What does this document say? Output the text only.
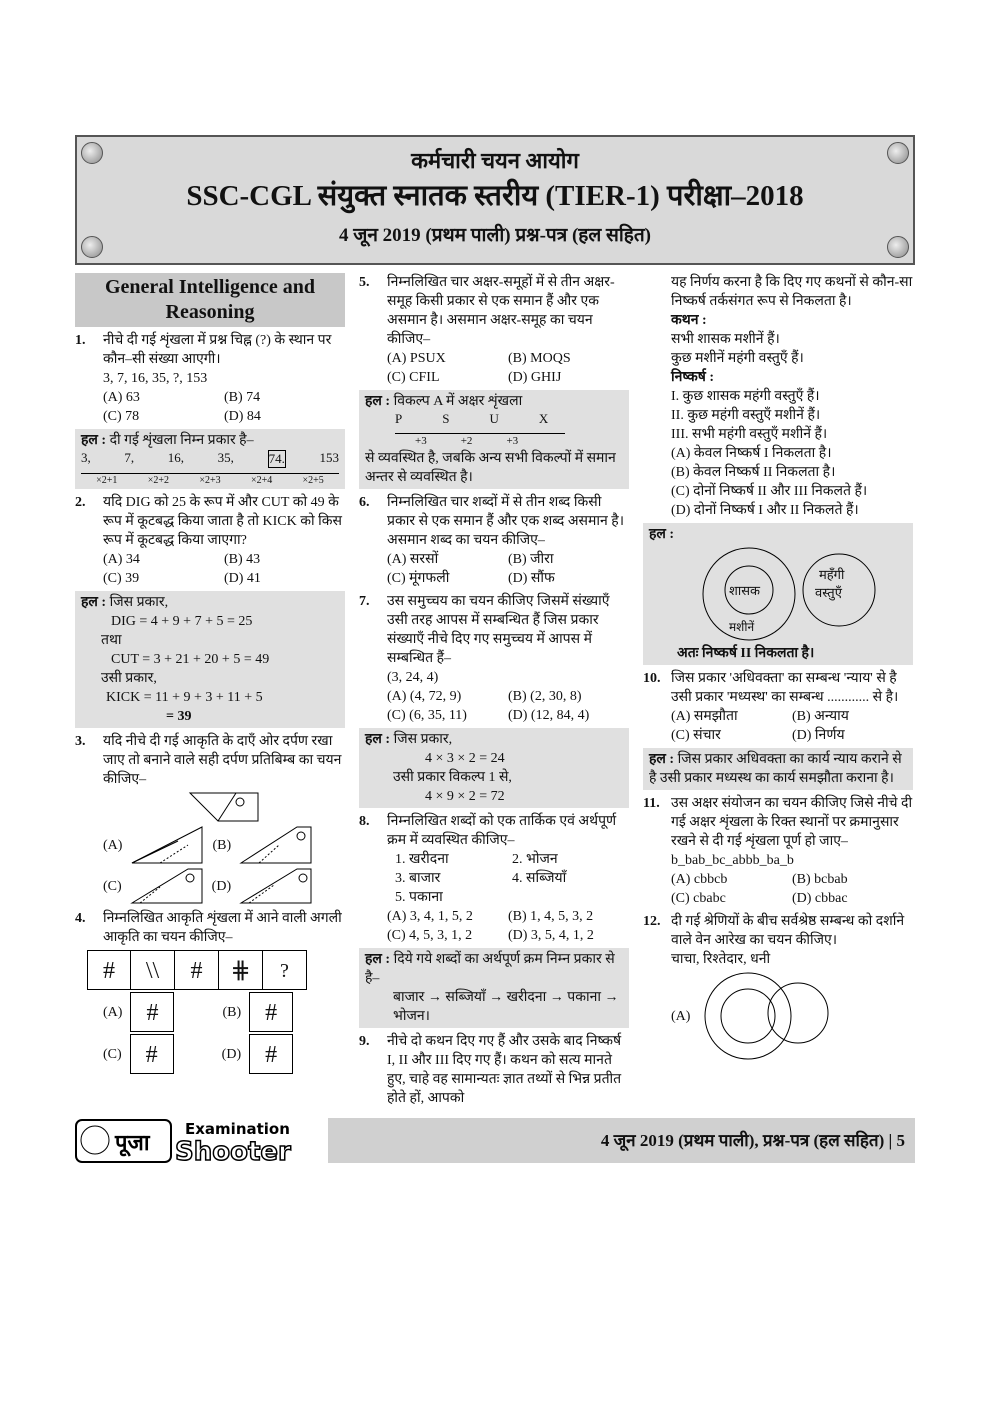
कर्मचारी चयन आयोग
SSC-CGL संयुक्त स्नातक स्तरीय (TIER-1) परीक्षा–2018
4 जून 2019 (प्रथम पाली) प्रश्न-पत्र (हल सहित)
General Intelligence and Reasoning
1. नीचे दी गई शृंखला में प्रश्न चिह्न (?) के स्थान पर कौन–सी संख्या आएगी।
3, 7, 16, 35, ?, 153
(A) 63	(B) 74
(C) 78	(D) 84
हल : दी गई शृंखला निम्न प्रकार है–
3,	7,	16,	35,	74.	153
×2+1	×2+2	×2+3	×2+4	×2+5
2. यदि DIG को 25 के रूप में और CUT को 49 के रूप में कूटबद्ध किया जाता है तो KICK को किस रूप में कूटबद्ध किया जाएगा?
(A) 34	(B) 43
(C) 39	(D) 41
हल : जिस प्रकार,
DIG = 4 + 9 + 7 + 5 = 25
तथा
CUT = 3 + 21 + 20 + 5 = 49
उसी प्रकार,
KICK = 11 + 9 + 3 + 11 + 5
= 39
3. यदि नीचे दी गई आकृति के दाएँ ओर दर्पण रखा जाए तो बनाने वाले सही दर्पण प्रतिबिम्ब का चयन कीजिए–
(A)	(B)
(C)	(D)
4. निम्नलिखित आकृति शृंखला में आने वाली अगली आकृति का चयन कीजिए–
#	\\	#	⋕	?
(A)	#	(B)	#
(C)	#	(D)	#
5. निम्नलिखित चार अक्षर-समूहों में से तीन अक्षर-समूह किसी प्रकार से एक समान हैं और एक असमान है। असमान अक्षर-समूह का चयन कीजिए–
(A) PSUX	(B) MOQS
(C) CFIL	(D) GHIJ
हल : विकल्प A में अक्षर शृंखला
P	S	U	X
+3	+2	+3
से व्यवस्थित है, जबकि अन्य सभी विकल्पों में समान अन्तर से व्यवस्थित है।
6. निम्नलिखित चार शब्दों में से तीन शब्द किसी प्रकार से एक समान हैं और एक शब्द असमान है। असमान शब्द का चयन कीजिए–
(A) सरसों	(B) जीरा
(C) मूंगफली	(D) सौंफ
7. उस समुच्चय का चयन कीजिए जिसमें संख्याएँ उसी तरह आपस में सम्बन्धित हैं जिस प्रकार संख्याएँ नीचे दिए गए समुच्चय में आपस में सम्बन्धित हैं–
(3, 24, 4)
(A) (4, 72, 9)	(B) (2, 30, 8)
(C) (6, 35, 11)	(D) (12, 84, 4)
हल : जिस प्रकार,
4 × 3 × 2 = 24
उसी प्रकार विकल्प 1 से,
4 × 9 × 2 = 72
8. निम्नलिखित शब्दों को एक तार्किक एवं अर्थपूर्ण क्रम में व्यवस्थित कीजिए–
1. खरीदना	2. भोजन
3. बाजार	4. सब्जियाँ
5. पकाना
(A) 3, 4, 1, 5, 2	(B) 1, 4, 5, 3, 2
(C) 4, 5, 3, 1, 2	(D) 3, 5, 4, 1, 2
हल : दिये गये शब्दों का अर्थपूर्ण क्रम निम्न प्रकार से है–
बाजार → सब्जियाँ → खरीदना → पकाना → भोजन।
9. नीचे दो कथन दिए गए हैं और उसके बाद निष्कर्ष I, II और III दिए गए हैं। कथन को सत्य मानते हुए, चाहे वह सामान्यतः ज्ञात तथ्यों से भिन्न प्रतीत होते हों, आपको
यह निर्णय करना है कि दिए गए कथनों से कौन-सा निष्कर्ष तर्कसंगत रूप से निकलता है।
कथन :
सभी शासक मशीनें हैं।
कुछ मशीनें महंगी वस्तुएँ हैं।
निष्कर्ष :
I. कुछ शासक महंगी वस्तुएँ हैं।
II. कुछ महंगी वस्तुएँ मशीनें हैं।
III. सभी महंगी वस्तुएँ मशीनें हैं।
(A) केवल निष्कर्ष I निकलता है।
(B) केवल निष्कर्ष II निकलता है।
(C) दोनों निष्कर्ष II और III निकलते हैं।
(D) दोनों निष्कर्ष I और II निकलते हैं।
हल :
शासक
महँगी
वस्तुएँ
मशीनें
अतः निष्कर्ष II निकलता है।
10. जिस प्रकार 'अधिवक्ता' का सम्बन्ध 'न्याय' से है उसी प्रकार 'मध्यस्थ' का सम्बन्ध ............ से है।
(A) समझौता	(B) अन्याय
(C) संचार	(D) निर्णय
हल : जिस प्रकार अधिवक्ता का कार्य न्याय कराने से है उसी प्रकार मध्यस्थ का कार्य समझौता कराना है।
11. उस अक्षर संयोजन का चयन कीजिए जिसे नीचे दी गई अक्षर शृंखला के रिक्त स्थानों पर क्रमानुसार रखने से दी गई शृंखला पूर्ण हो जाए–
b_bab_bc_abbb_ba_b
(A) cbbcb	(B) bcbab
(C) cbabc	(D) cbbac
12. दी गई श्रेणियों के बीच सर्वश्रेष्ठ सम्बन्ध को दर्शाने वाले वेन आरेख का चयन कीजिए।
चाचा, रिश्तेदार, धनी
(A)
पूजा
Examination
Shooter	4 जून 2019 (प्रथम पाली), प्रश्न-पत्र (हल सहित) | 5
